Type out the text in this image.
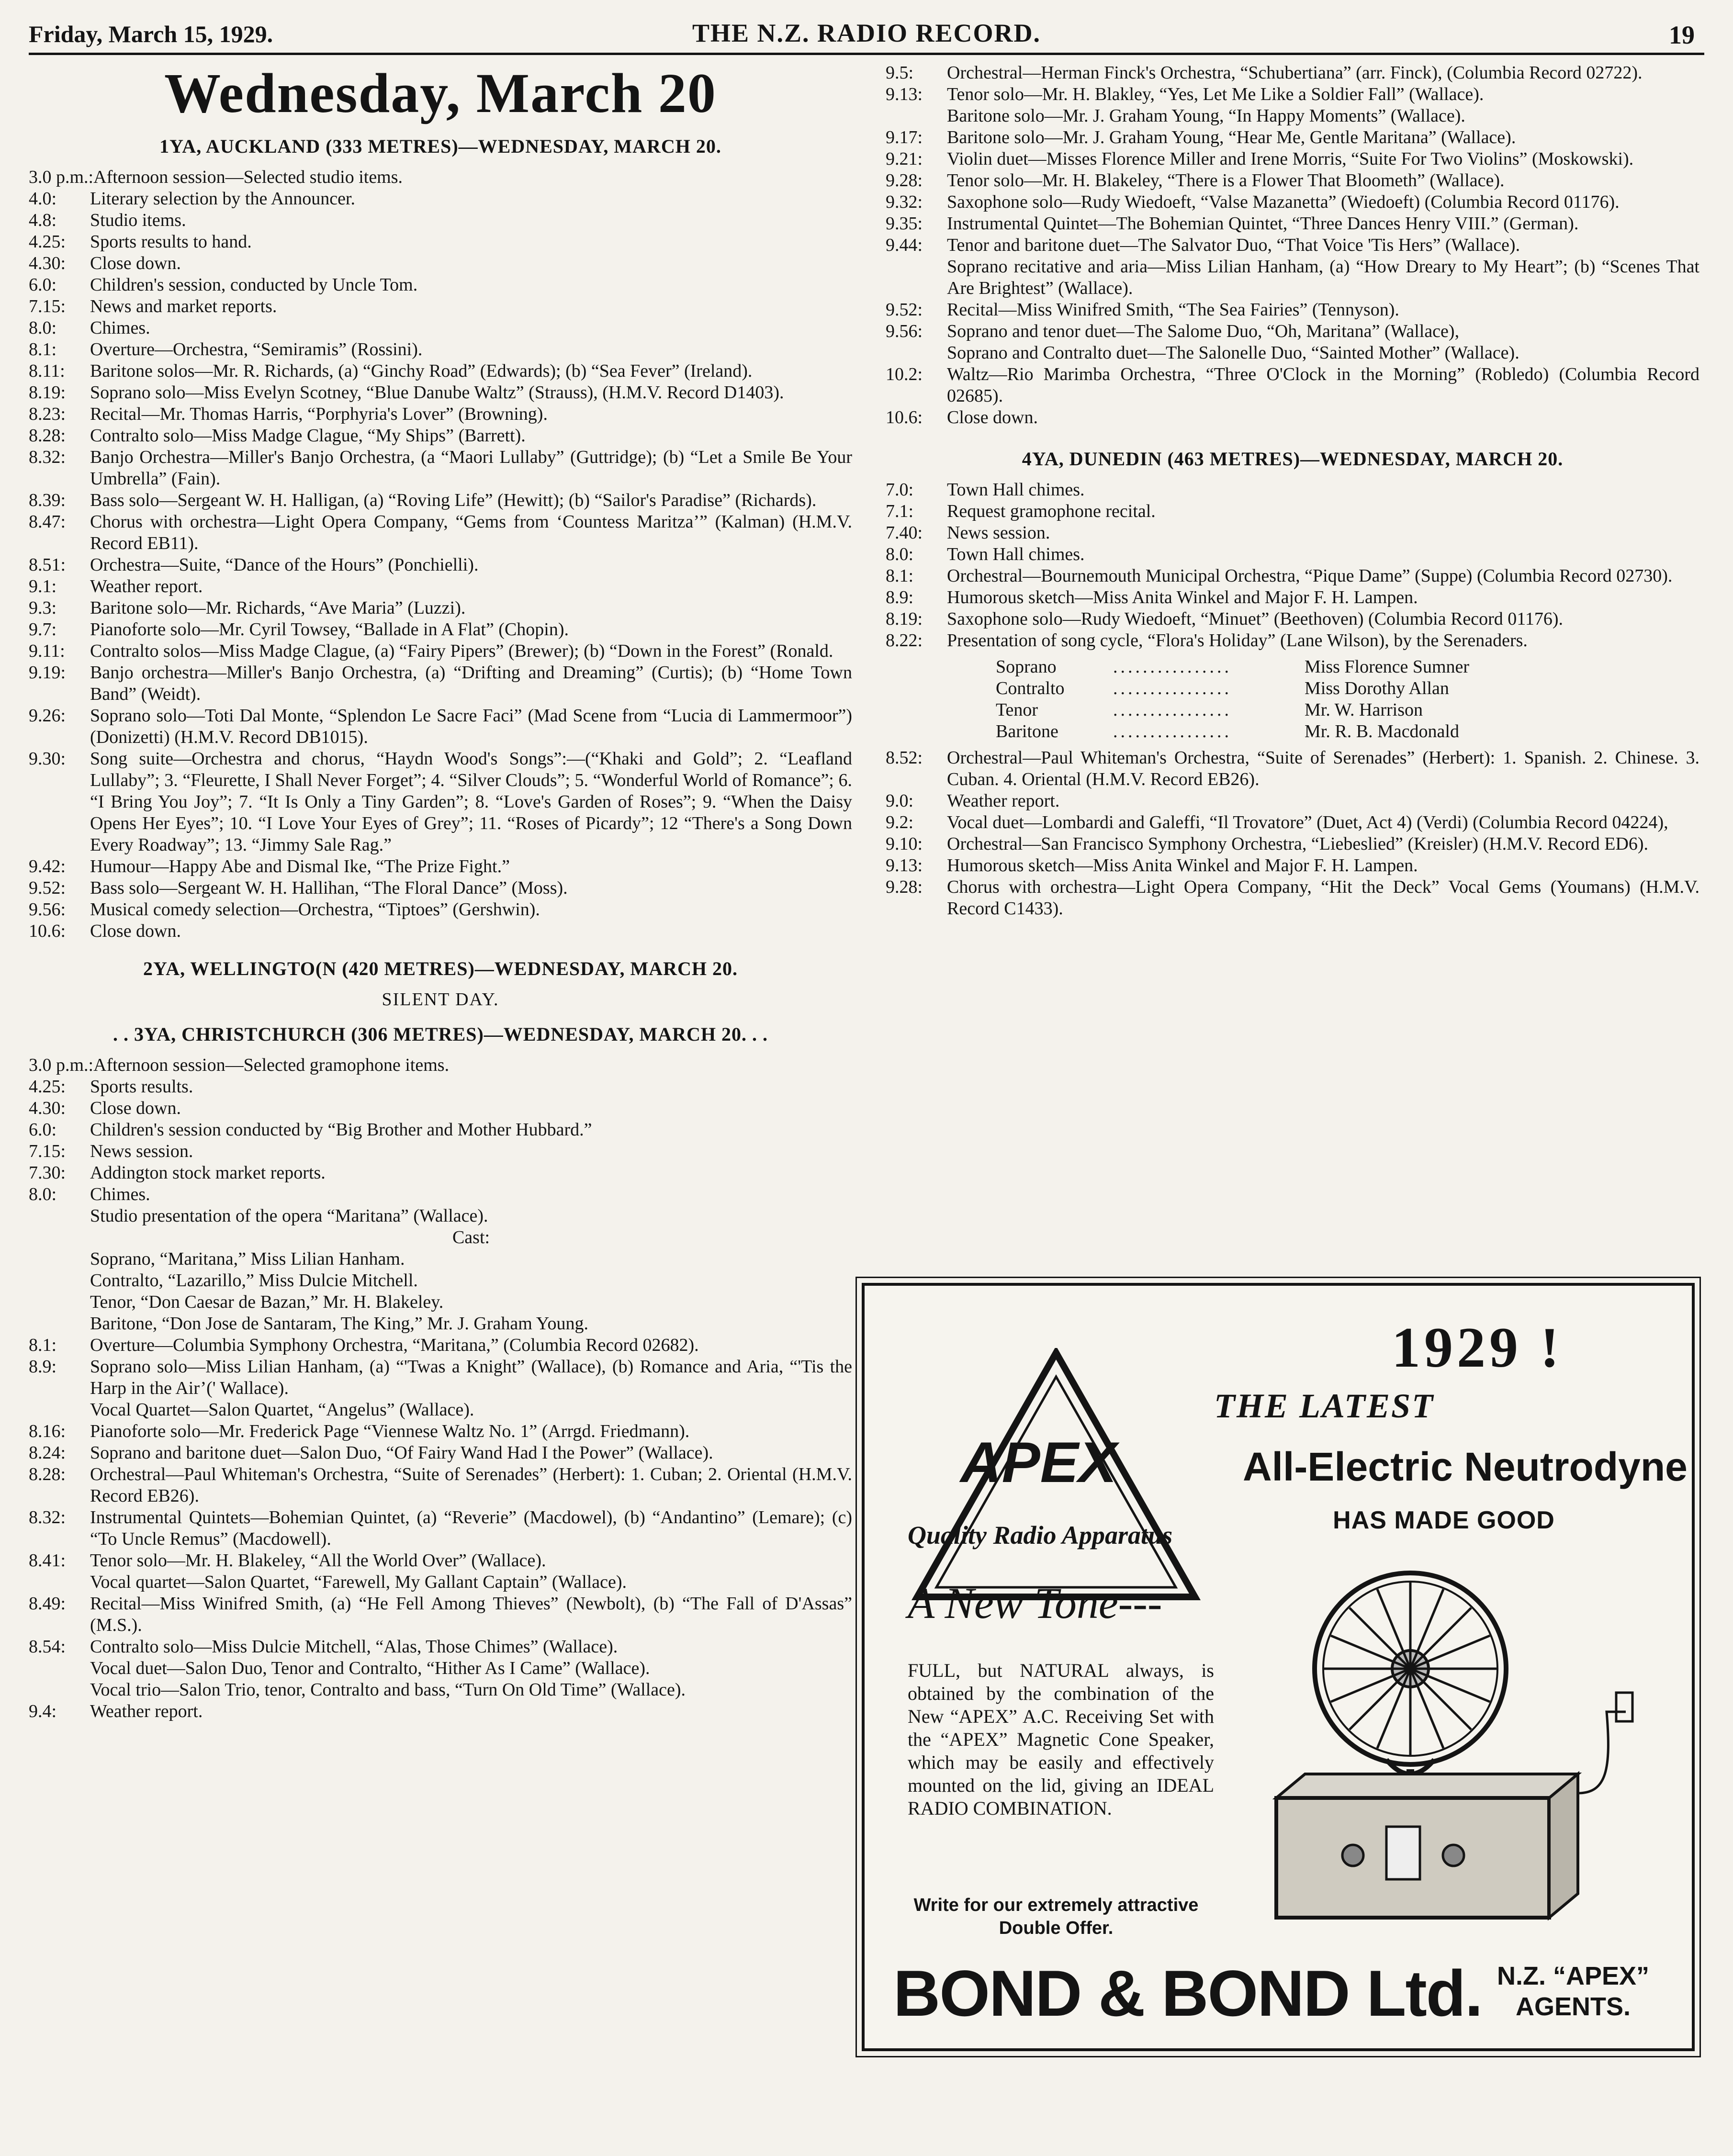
Friday, March 15, 1929.	THE N.Z. RADIO RECORD.	19
Wednesday, March 20
1YA, AUCKLAND (333 METRES)—WEDNESDAY, MARCH 20.
3.0 p.m.: Afternoon session—Selected studio items.
4.0:	Literary selection by the Announcer.
4.8:	Studio items.
4.25:	Sports results to hand.
4.30:	Close down.
6.0:	Children's session, conducted by Uncle Tom.
7.15:	News and market reports.
8.0:	Chimes.
8.1:	Overture—Orchestra, “Semiramis” (Rossini).
8.11:	Baritone solos—Mr. R. Richards, (a) “Ginchy Road” (Edwards); (b) “Sea Fever” (Ireland).
8.19:	Soprano solo—Miss Evelyn Scotney, “Blue Danube Waltz” (Strauss), (H.M.V. Record D1403).
8.23:	Recital—Mr. Thomas Harris, “Porphyria's Lover” (Browning).
8.28:	Contralto solo—Miss Madge Clague, “My Ships” (Barrett).
8.32:	Banjo Orchestra—Miller's Banjo Orchestra, (a “Maori Lullaby” (Guttridge); (b) “Let a Smile Be Your Umbrella” (Fain).
8.39:	Bass solo—Sergeant W. H. Halligan, (a) “Roving Life” (Hewitt); (b) “Sailor's Paradise” (Richards).
8.47:	Chorus with orchestra—Light Opera Company, “Gems from ‘Countess Maritza’” (Kalman) (H.M.V. Record EB11).
8.51:	Orchestra—Suite, “Dance of the Hours” (Ponchielli).
9.1:	Weather report.
9.3:	Baritone solo—Mr. Richards, “Ave Maria” (Luzzi).
9.7:	Pianoforte solo—Mr. Cyril Towsey, “Ballade in A Flat” (Chopin).
9.11:	Contralto solos—Miss Madge Clague, (a) “Fairy Pipers” (Brewer); (b) “Down in the Forest” (Ronald.
9.19:	Banjo orchestra—Miller's Banjo Orchestra, (a) “Drifting and Dreaming” (Curtis); (b) “Home Town Band” (Weidt).
9.26:	Soprano solo—Toti Dal Monte, “Splendon Le Sacre Faci” (Mad Scene from “Lucia di Lammermoor”) (Donizetti) (H.M.V. Record DB1015).
9.30:	Song suite—Orchestra and chorus, “Haydn Wood's Songs”:—(“Khaki and Gold”; 2. “Leafland Lullaby”; 3. “Fleurette, I Shall Never Forget”; 4. “Silver Clouds”; 5. “Wonderful World of Romance”; 6. “I Bring You Joy”; 7. “It Is Only a Tiny Garden”; 8. “Love's Garden of Roses”; 9. “When the Daisy Opens Her Eyes”; 10. “I Love Your Eyes of Grey”; 11. “Roses of Picardy”; 12 “There's a Song Down Every Roadway”; 13. “Jimmy Sale Rag.”
9.42:	Humour—Happy Abe and Dismal Ike, “The Prize Fight.”
9.52:	Bass solo—Sergeant W. H. Hallihan, “The Floral Dance” (Moss).
9.56:	Musical comedy selection—Orchestra, “Tiptoes” (Gershwin).
10.6:	Close down.
2YA, WELLINGTO(N (420 METRES)—WEDNESDAY, MARCH 20.
SILENT DAY.
. . 3YA, CHRISTCHURCH (306 METRES)—WEDNESDAY, MARCH 20. . .
3.0 p.m.: Afternoon session—Selected gramophone items.
4.25:	Sports results.
4.30:	Close down.
6.0:	Children's session conducted by “Big Brother and Mother Hubbard.”
7.15:	News session.
7.30:	Addington stock market reports.
8.0:	Chimes.
Studio presentation of the opera “Maritana” (Wallace).
Cast:
Soprano, “Maritana,” Miss Lilian Hanham.
Contralto, “Lazarillo,” Miss Dulcie Mitchell.
Tenor, “Don Caesar de Bazan,” Mr. H. Blakeley.
Baritone, “Don Jose de Santaram, The King,” Mr. J. Graham Young.
8.1:	Overture—Columbia Symphony Orchestra, “Maritana,” (Columbia Record 02682).
8.9:	Soprano solo—Miss Lilian Hanham, (a) “'Twas a Knight” (Wallace), (b) Romance and Aria, “'Tis the Harp in the Air’(' Wallace).
Vocal Quartet—Salon Quartet, “Angelus” (Wallace).
8.16:	Pianoforte solo—Mr. Frederick Page “Viennese Waltz No. 1” (Arrgd. Friedmann).
8.24:	Soprano and baritone duet—Salon Duo, “Of Fairy Wand Had I the Power” (Wallace).
8.28:	Orchestral—Paul Whiteman's Orchestra, “Suite of Serenades” (Herbert): 1. Cuban; 2. Oriental (H.M.V. Record EB26).
8.32:	Instrumental Quintets—Bohemian Quintet, (a) “Reverie” (Macdowel), (b) “Andantino” (Lemare); (c) “To Uncle Remus” (Macdowell).
8.41:	Tenor solo—Mr. H. Blakeley, “All the World Over” (Wallace).
Vocal quartet—Salon Quartet, “Farewell, My Gallant Captain” (Wallace).
8.49:	Recital—Miss Winifred Smith, (a) “He Fell Among Thieves” (Newbolt), (b) “The Fall of D'Assas” (M.S.).
8.54:	Contralto solo—Miss Dulcie Mitchell, “Alas, Those Chimes” (Wallace).
Vocal duet—Salon Duo, Tenor and Contralto, “Hither As I Came” (Wallace).
Vocal trio—Salon Trio, tenor, Contralto and bass, “Turn On Old Time” (Wallace).
9.4:	Weather report.
9.5:	Orchestral—Herman Finck's Orchestra, “Schubertiana” (arr. Finck), (Columbia Record 02722).
9.13:	Tenor solo—Mr. H. Blakley, “Yes, Let Me Like a Soldier Fall” (Wallace).
Baritone solo—Mr. J. Graham Young, “In Happy Moments” (Wallace).
9.17:	Baritone solo—Mr. J. Graham Young, “Hear Me, Gentle Maritana” (Wallace).
9.21:	Violin duet—Misses Florence Miller and Irene Morris, “Suite For Two Violins” (Moskowski).
9.28:	Tenor solo—Mr. H. Blakeley, “There is a Flower That Bloometh” (Wallace).
9.32:	Saxophone solo—Rudy Wiedoeft, “Valse Mazanetta” (Wiedoeft) (Columbia Record 01176).
9.35:	Instrumental Quintet—The Bohemian Quintet, “Three Dances Henry VIII.” (German).
9.44:	Tenor and baritone duet—The Salvator Duo, “That Voice 'Tis Hers” (Wallace).
Soprano recitative and aria—Miss Lilian Hanham, (a) “How Dreary to My Heart”; (b) “Scenes That Are Brightest” (Wallace).
9.52:	Recital—Miss Winifred Smith, “The Sea Fairies” (Tennyson).
9.56:	Soprano and tenor duet—The Salome Duo, “Oh, Maritana” (Wallace),
Soprano and Contralto duet—The Salonelle Duo, “Sainted Mother” (Wallace).
10.2:	Waltz—Rio Marimba Orchestra, “Three O'Clock in the Morning” (Robledo) (Columbia Record 02685).
10.6:	Close down.
4YA, DUNEDIN (463 METRES)—WEDNESDAY, MARCH 20.
7.0:	Town Hall chimes.
7.1:	Request gramophone recital.
7.40:	News session.
8.0:	Town Hall chimes.
8.1:	Orchestral—Bournemouth Municipal Orchestra, “Pique Dame” (Suppe) (Columbia Record 02730).
8.9:	Humorous sketch—Miss Anita Winkel and Major F. H. Lampen.
8.19:	Saxophone solo—Rudy Wiedoeft, “Minuet” (Beethoven) (Columbia Record 01176).
8.22:	Presentation of song cycle, “Flora's Holiday” (Lane Wilson), by the Serenaders.
Soprano	................	Miss Florence Sumner
Contralto	................	Miss Dorothy Allan
Tenor	................	Mr. W. Harrison
Baritone	................	Mr. R. B. Macdonald
8.52:	Orchestral—Paul Whiteman's Orchestra, “Suite of Serenades” (Herbert): 1. Spanish. 2. Chinese. 3. Cuban. 4. Oriental (H.M.V. Record EB26).
9.0:	Weather report.
9.2:	Vocal duet—Lombardi and Galeffi, “Il Trovatore” (Duet, Act 4) (Verdi) (Columbia Record 04224),
9.10:	Orchestral—San Francisco Symphony Orchestra, “Liebeslied” (Kreisler) (H.M.V. Record ED6).
9.13:	Humorous sketch—Miss Anita Winkel and Major F. H. Lampen.
9.28:	Chorus with orchestra—Light Opera Company, “Hit the Deck” Vocal Gems (Youmans) (H.M.V. Record C1433).
APEX
Quality Radio Apparatus
1929 !
THE LATEST
All-Electric Neutrodyne
HAS MADE GOOD
A New Tone---
FULL, but NATURAL always, is obtained by the combination of the New “APEX” A.C. Receiving Set with the “APEX” Magnetic Cone Speaker, which may be easily and effectively mounted on the lid, giving an IDEAL RADIO COMBINATION.
Write for our extremely attractive Double Offer.
BOND & BOND Ltd. N.Z. “APEX”
AGENTS.
